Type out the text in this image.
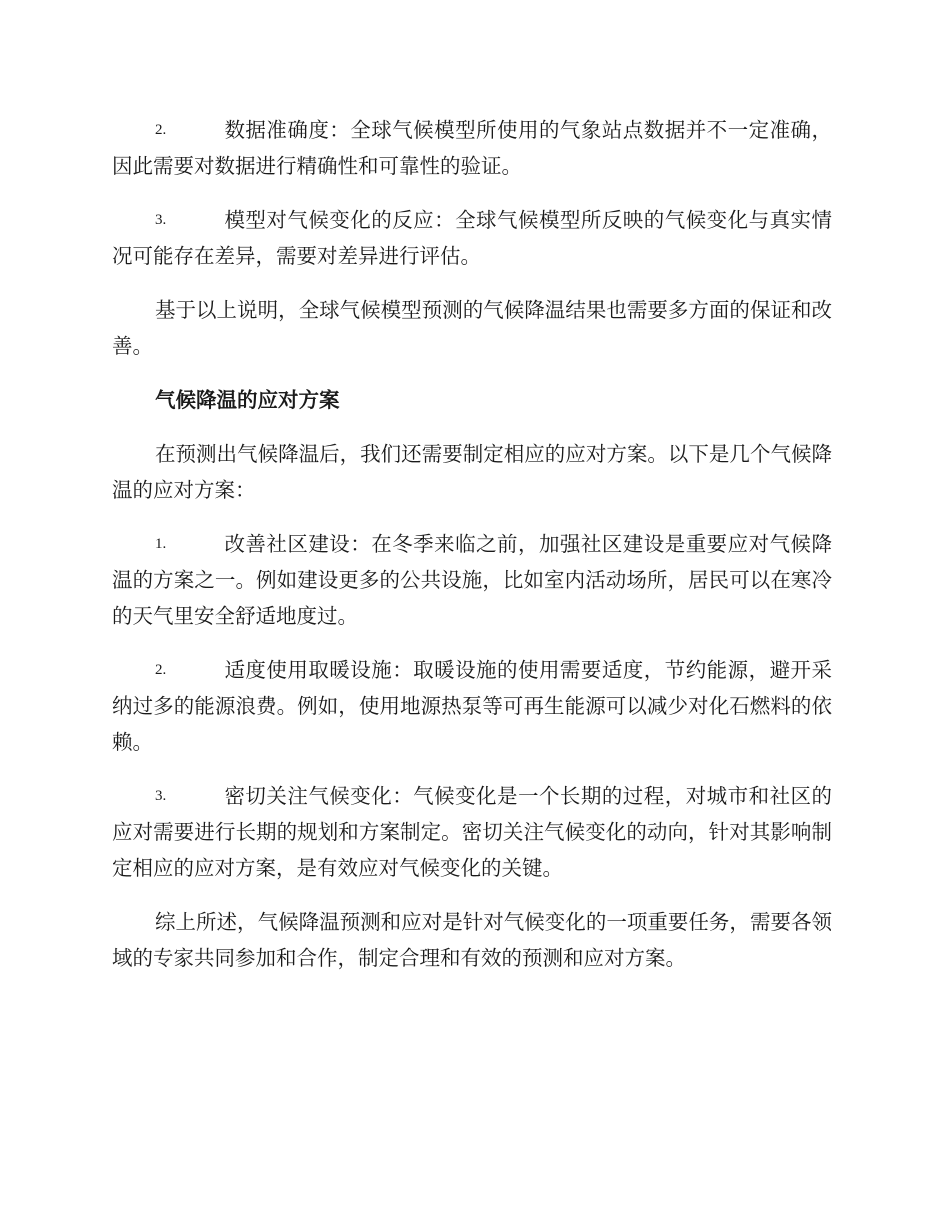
2.	数据准确度：全球气候模型所使用的气象站点数据并不一定准确，因此需要对数据进行精确性和可靠性的验证。

3.	模型对气候变化的反应：全球气候模型所反映的气候变化与真实情况可能存在差异，需要对差异进行评估。

基于以上说明，全球气候模型预测的气候降温结果也需要多方面的保证和改善。

气候降温的应对方案

在预测出气候降温后，我们还需要制定相应的应对方案。以下是几个气候降温的应对方案：

1.	改善社区建设：在冬季来临之前，加强社区建设是重要应对气候降温的方案之一。例如建设更多的公共设施，比如室内活动场所，居民可以在寒冷的天气里安全舒适地度过。

2.	适度使用取暖设施：取暖设施的使用需要适度，节约能源，避开采纳过多的能源浪费。例如，使用地源热泵等可再生能源可以减少对化石燃料的依赖。

3.	密切关注气候变化：气候变化是一个长期的过程，对城市和社区的应对需要进行长期的规划和方案制定。密切关注气候变化的动向，针对其影响制定相应的应对方案，是有效应对气候变化的关键。

综上所述，气候降温预测和应对是针对气候变化的一项重要任务，需要各领域的专家共同参加和合作，制定合理和有效的预测和应对方案。
